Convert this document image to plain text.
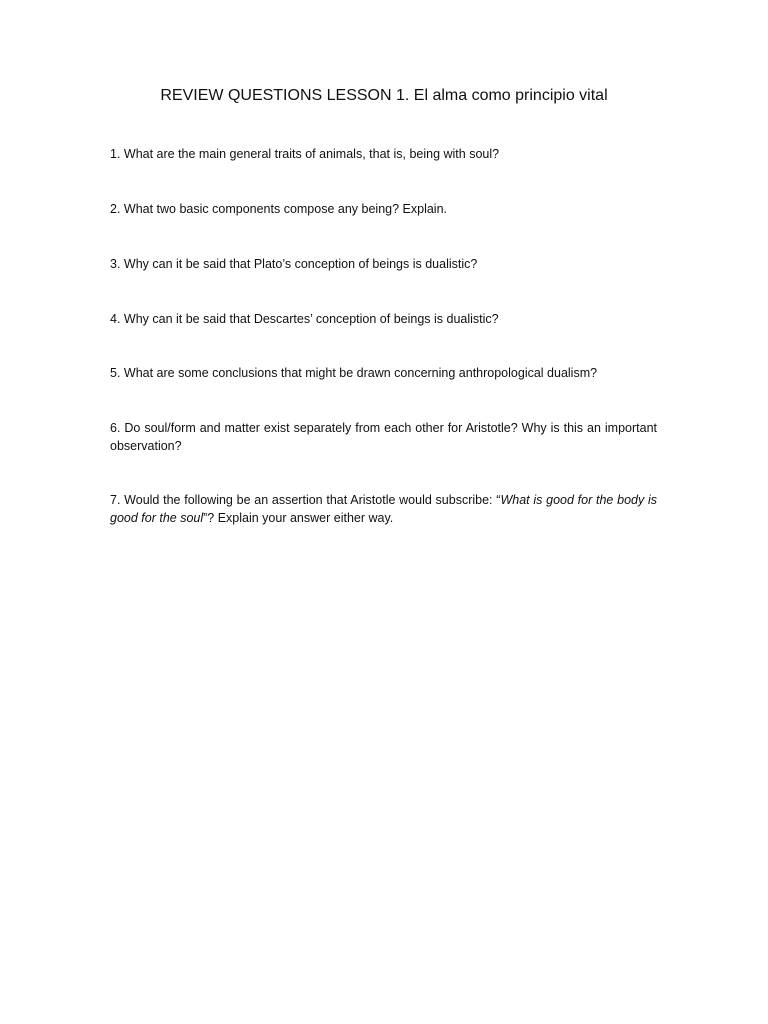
REVIEW QUESTIONS LESSON 1. El alma como principio vital

1. What are the main general traits of animals, that is, being with soul?

2. What two basic components compose any being? Explain.

3. Why can it be said that Plato’s conception of beings is dualistic?

4. Why can it be said that Descartes’ conception of beings is dualistic?

5. What are some conclusions that might be drawn concerning anthropological dualism?

6. Do soul/form and matter exist separately from each other for Aristotle? Why is this an important observation?

7. Would the following be an assertion that Aristotle would subscribe: “What is good for the body is good for the soul”? Explain your answer either way.
